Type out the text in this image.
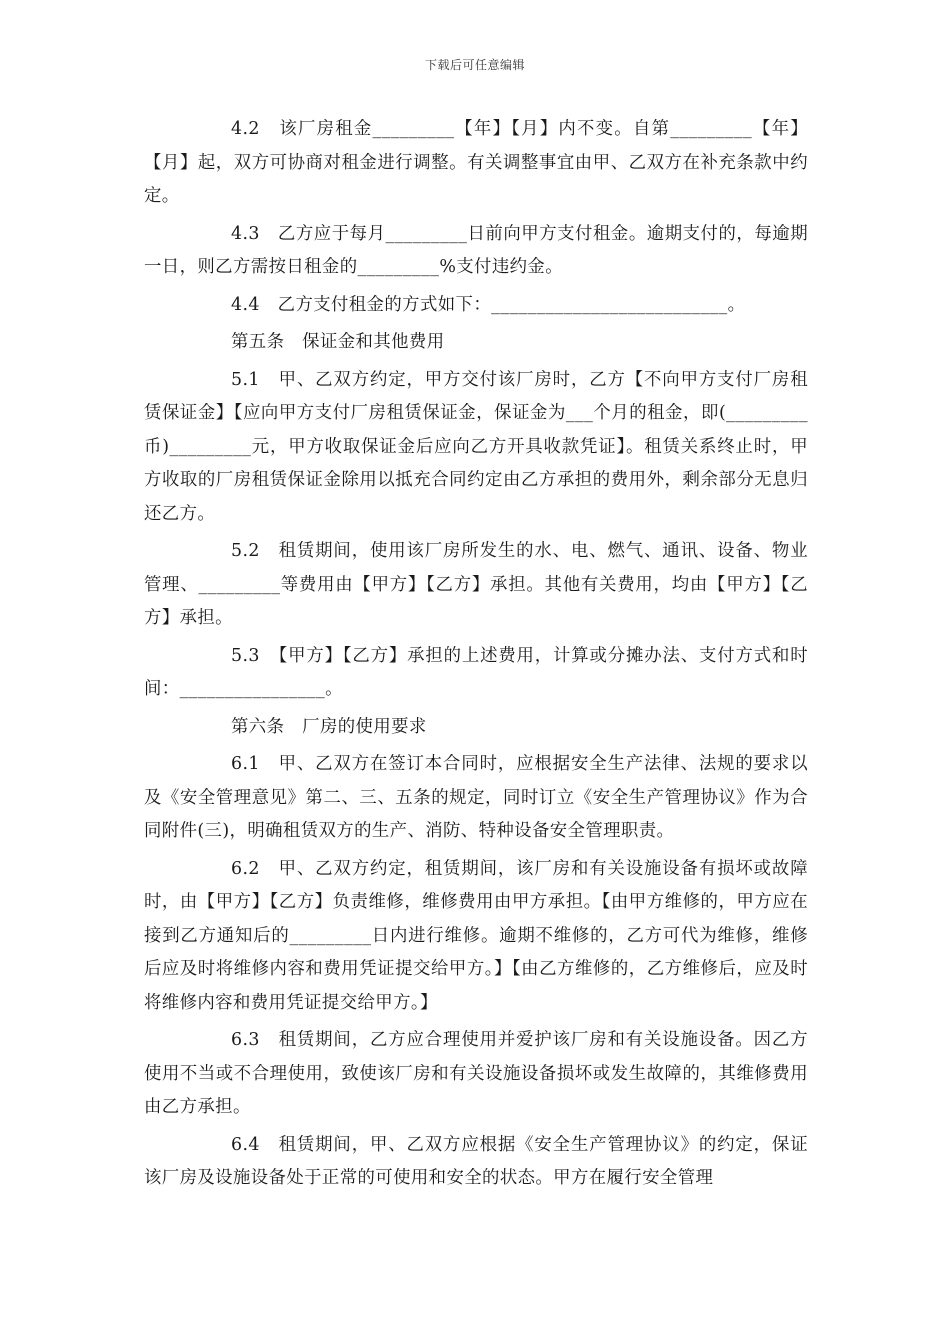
下载后可任意编辑

4.2　该厂房租金_________【年】【月】内不变。自第_________【年】【月】起，双方可协商对租金进行调整。有关调整事宜由甲、乙双方在补充条款中约定。

4.3　乙方应于每月_________日前向甲方支付租金。逾期支付的，每逾期一日，则乙方需按日租金的_________%支付违约金。

4.4　乙方支付租金的方式如下：__________________________。

第五条　保证金和其他费用

5.1　甲、乙双方约定，甲方交付该厂房时，乙方【不向甲方支付厂房租赁保证金】【应向甲方支付厂房租赁保证金，保证金为___个月的租金，即(_________币)_________元，甲方收取保证金后应向乙方开具收款凭证】。租赁关系终止时，甲方收取的厂房租赁保证金除用以抵充合同约定由乙方承担的费用外，剩余部分无息归还乙方。

5.2　租赁期间，使用该厂房所发生的水、电、燃气、通讯、设备、物业管理、_________等费用由【甲方】【乙方】承担。其他有关费用，均由【甲方】【乙方】承担。

5.3　【甲方】【乙方】承担的上述费用，计算或分摊办法、支付方式和时间：________________。

第六条　厂房的使用要求

6.1　甲、乙双方在签订本合同时，应根据安全生产法律、法规的要求以及《安全管理意见》第二、三、五条的规定，同时订立《安全生产管理协议》作为合同附件(三)，明确租赁双方的生产、消防、特种设备安全管理职责。

6.2　甲、乙双方约定，租赁期间，该厂房和有关设施设备有损坏或故障时，由【甲方】【乙方】负责维修，维修费用由甲方承担。【由甲方维修的，甲方应在接到乙方通知后的_________日内进行维修。逾期不维修的，乙方可代为维修，维修后应及时将维修内容和费用凭证提交给甲方。】【由乙方维修的，乙方维修后，应及时将维修内容和费用凭证提交给甲方。】

6.3　租赁期间，乙方应合理使用并爱护该厂房和有关设施设备。因乙方使用不当或不合理使用，致使该厂房和有关设施设备损坏或发生故障的，其维修费用由乙方承担。

6.4　租赁期间，甲、乙双方应根据《安全生产管理协议》的约定，保证该厂房及设施设备处于正常的可使用和安全的状态。甲方在履行安全管理
